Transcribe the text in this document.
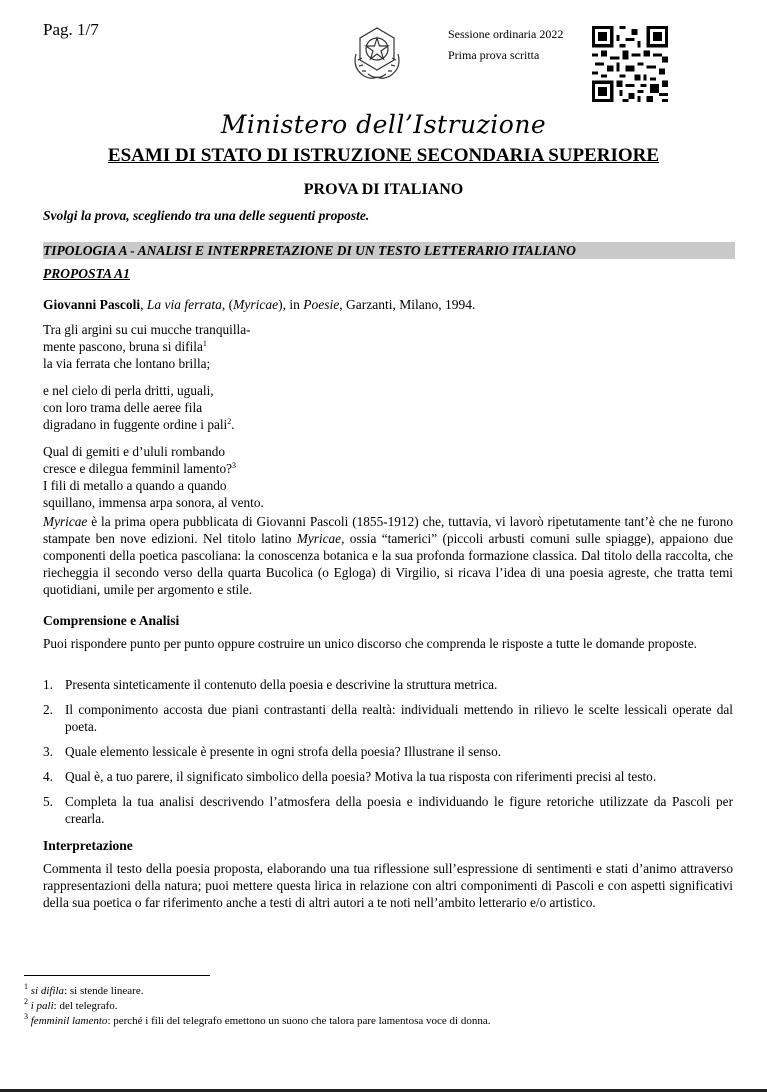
Pag. 1/7	Sessione ordinaria 2022
Prima prova scritta
Ministero dell’Istruzione
ESAMI DI STATO DI ISTRUZIONE SECONDARIA SUPERIORE
PROVA DI ITALIANO
Svolgi la prova, scegliendo tra una delle seguenti proposte.
TIPOLOGIA A - ANALISI E INTERPRETAZIONE DI UN TESTO LETTERARIO ITALIANO
PROPOSTA A1
Giovanni Pascoli, La via ferrata, (Myricae), in Poesie, Garzanti, Milano, 1994.
Tra gli argini su cui mucche tranquilla-
mente pascono, bruna si difila$^1$
la via ferrata che lontano brilla;
e nel cielo di perla dritti, uguali,
con loro trama delle aeree fila
digradano in fuggente ordine i pali$^2$.
Qual di gemiti e d’ululi rombando
cresce e dilegua femminil lamento?$^3$
I fili di metallo a quando a quando
squillano, immensa arpa sonora, al vento.
Myricae è la prima opera pubblicata di Giovanni Pascoli (1855-1912) che, tuttavia, vi lavorò ripetutamente tant’è che ne furono stampate ben nove edizioni. Nel titolo latino Myricae, ossia “tamerici” (piccoli arbusti comuni sulle spiagge), appaiono due componenti della poetica pascoliana: la conoscenza botanica e la sua profonda formazione classica. Dal titolo della raccolta, che riecheggia il secondo verso della quarta Bucolica (o Egloga) di Virgilio, si ricava l’idea di una poesia agreste, che tratta temi quotidiani, umile per argomento e stile.
Comprensione e Analisi
Puoi rispondere punto per punto oppure costruire un unico discorso che comprenda le risposte a tutte le domande proposte.
1. Presenta sinteticamente il contenuto della poesia e descrivine la struttura metrica.
2. Il componimento accosta due piani contrastanti della realtà: individuali mettendo in rilievo le scelte lessicali operate dal poeta.
3. Quale elemento lessicale è presente in ogni strofa della poesia? Illustrane il senso.
4. Qual è, a tuo parere, il significato simbolico della poesia? Motiva la tua risposta con riferimenti precisi al testo.
5. Completa la tua analisi descrivendo l’atmosfera della poesia e individuando le figure retoriche utilizzate da Pascoli per crearla.
Interpretazione
Commenta il testo della poesia proposta, elaborando una tua riflessione sull’espressione di sentimenti e stati d’animo attraverso rappresentazioni della natura; puoi mettere questa lirica in relazione con altri componimenti di Pascoli e con aspetti significativi della sua poetica o far riferimento anche a testi di altri autori a te noti nell’ambito letterario e/o artistico.
$^1$ si difila: si stende lineare.
$^2$ i pali: del telegrafo.
$^3$ femminil lamento: perché i fili del telegrafo emettono un suono che talora pare lamentosa voce di donna.
